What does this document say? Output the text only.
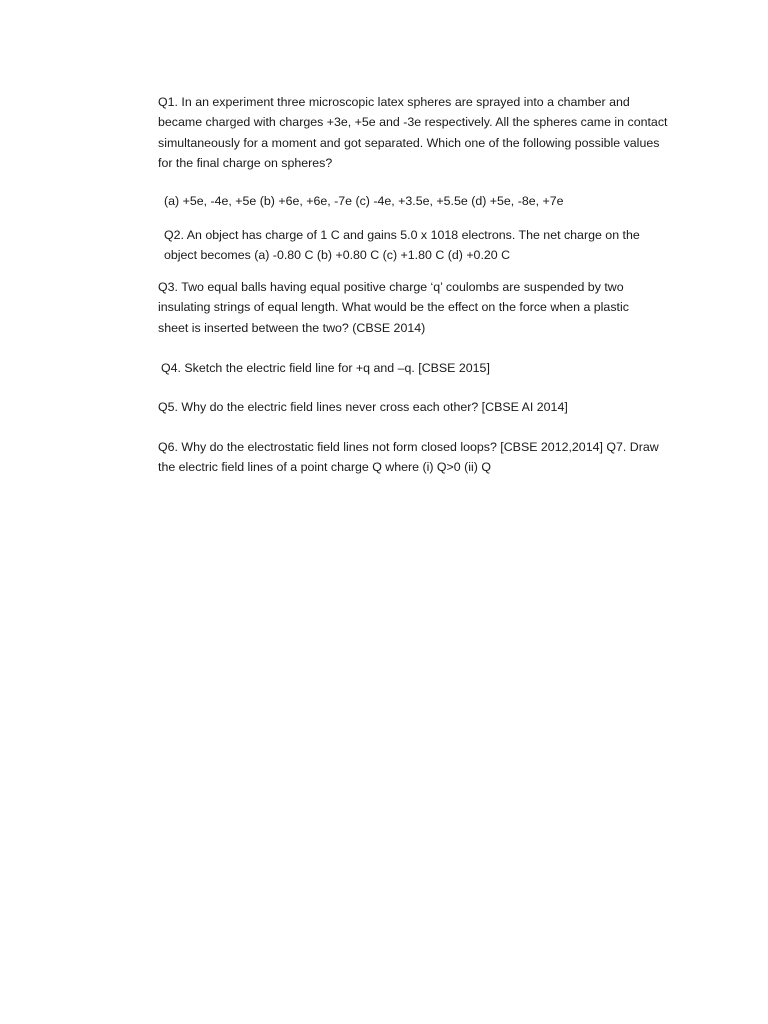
Q1. In an experiment three microscopic latex spheres are sprayed into a chamber and
became charged with charges +3e, +5e and -3e respectively. All the spheres came in contact
simultaneously for a moment and got separated. Which one of the following possible values
for the final charge on spheres?

(a) +5e, -4e, +5e (b) +6e, +6e, -7e (c) -4e, +3.5e, +5.5e (d) +5e, -8e, +7e

Q2. An object has charge of 1 C and gains 5.0 x 1018 electrons. The net charge on the
object becomes (a) -0.80 C (b) +0.80 C (c) +1.80 C (d) +0.20 C

Q3. Two equal balls having equal positive charge ‘q’ coulombs are suspended by two
insulating strings of equal length. What would be the effect on the force when a plastic
sheet is inserted between the two? (CBSE 2014)

Q4. Sketch the electric field line for +q and –q. [CBSE 2015]

Q5. Why do the electric field lines never cross each other? [CBSE AI 2014]

Q6. Why do the electrostatic field lines not form closed loops? [CBSE 2012,2014] Q7. Draw
the electric field lines of a point charge Q where (i) Q>0 (ii) Q
